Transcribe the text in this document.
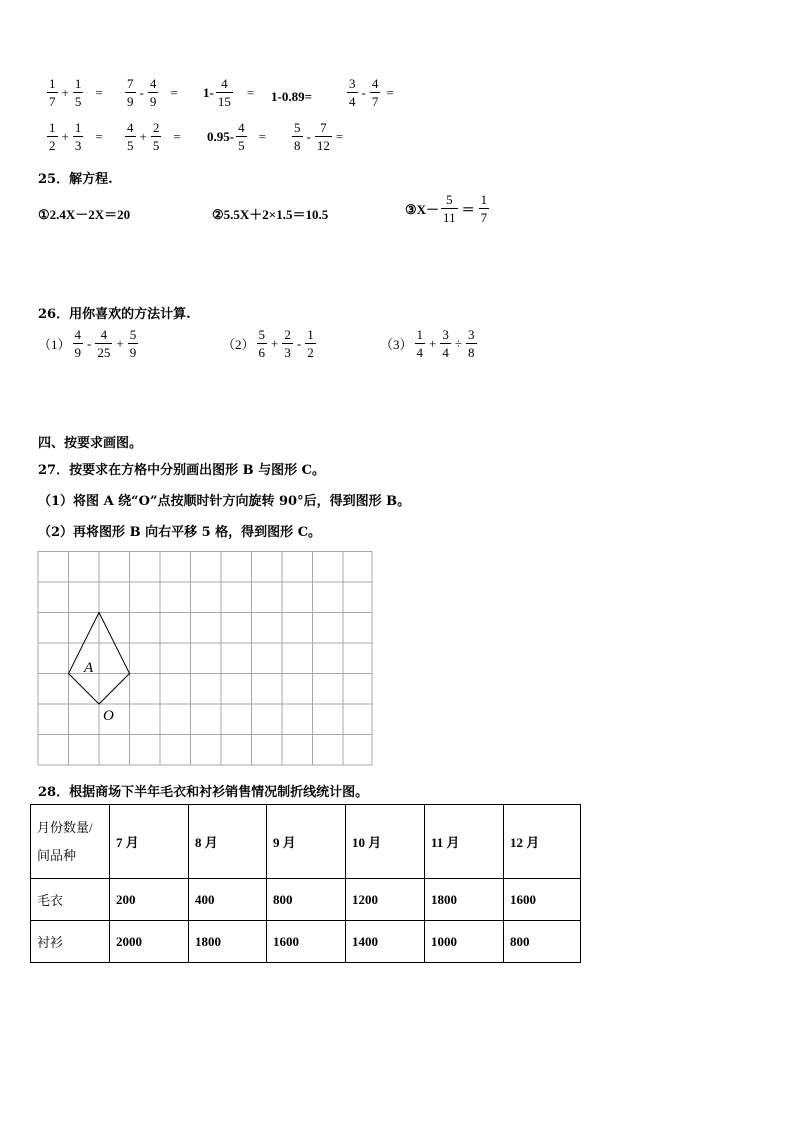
$\frac{1}{7} + \frac{1}{5} = \frac{7}{9} - \frac{4}{9} = 1- \frac{4}{15} = 1-0.89=$	$\frac{3}{4} - \frac{4}{7}$ =
$\frac{1}{2} + \frac{1}{3} = \frac{4}{5} + \frac{2}{5} = 0.95- \frac{4}{5} = \frac{5}{8} - \frac{7}{12}$ =
25．解方程.
①2.4X－2X＝20	②5.5X＋2×1.5＝10.5	③X－ $\frac{5}{11} = \frac{1}{7}$
26．用你喜欢的方法计算.
$(1) \frac{4}{9} - \frac{4}{25} + \frac{5}{9}$	$(2) \frac{5}{6} + \frac{2}{3} - \frac{1}{2}$	$(3) \frac{1}{4} + \frac{3}{4} \div \frac{3}{8}$
四、按要求画图。
27．按要求在方格中分别画出图形 B 与图形 C。
（1）将图 A 绕“O”点按顺时针方向旋转 90°后，得到图形 B。
（2）再将图形 B 向右平移 5 格，得到图形 C。
A
O
28．根据商场下半年毛衣和衬衫销售情况制折线统计图。
月份数量/
间品种	7 月	8 月	9 月	10 月	11 月	12 月
毛衣	200	400	800	1200	1800	1600
衬衫	2000	1800	1600	1400	1000	800
